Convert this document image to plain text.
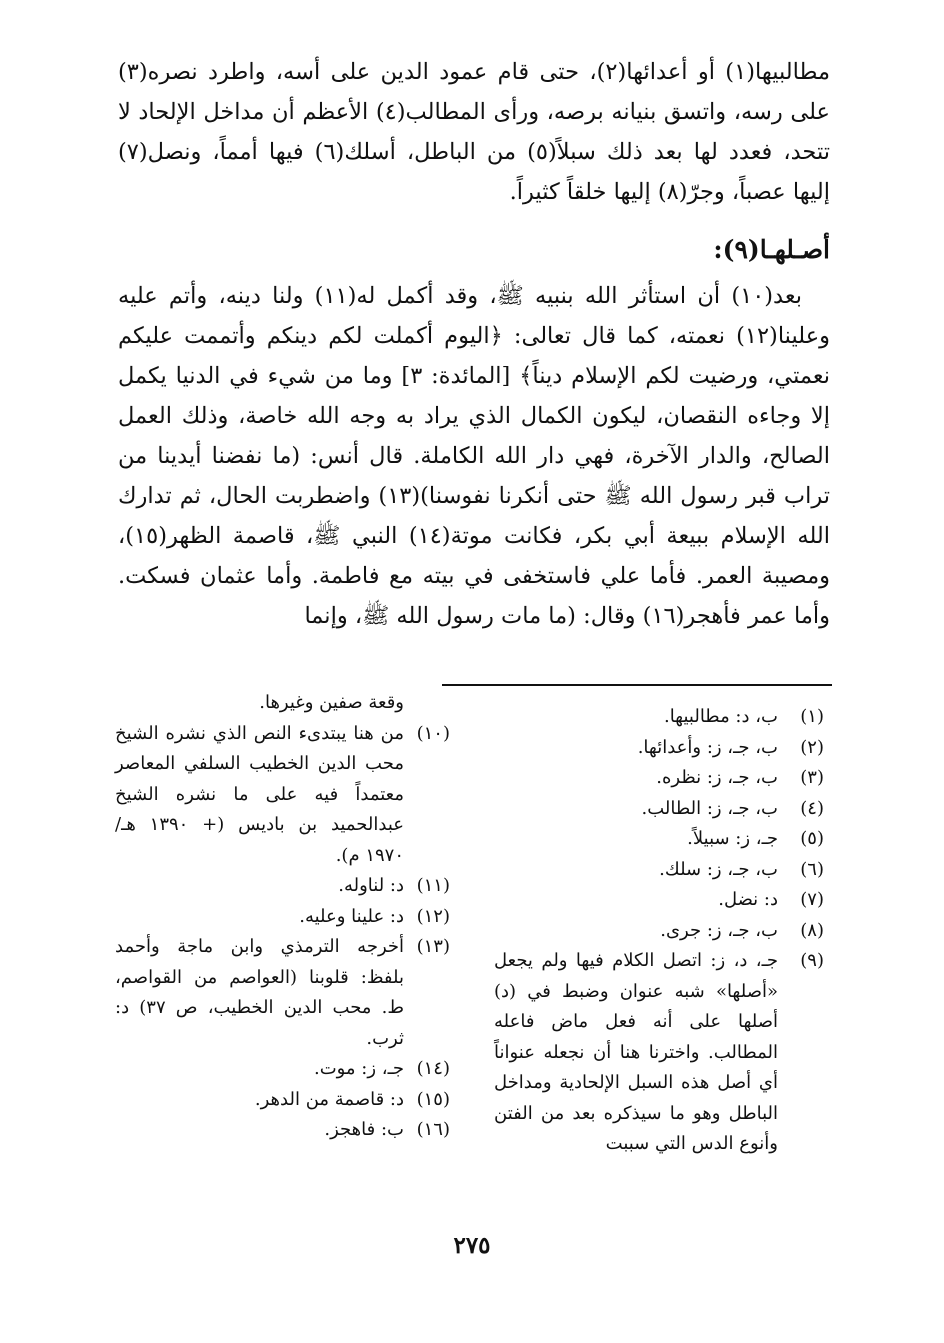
مطالبيها(١) أو أعدائها(٢)، حتى قام عمود الدين على أسه، واطرد نصره(٣) على رسه، واتسق بنيانه برصه، ورأى المطالب(٤) الأعظم أن مداخل الإلحاد لا تتحد، فعدد لها بعد ذلك سبلاً(٥) من الباطل، أسلك(٦) فيها أمماً، ونصل(٧) إليها عصباً، وجرّ(٨) إليها خلقاً كثيراً.

أصـلهـا(٩):

بعد(١٠) أن استأثر الله بنبيه ﷺ، وقد أكمل له(١١) ولنا دينه، وأتم عليه وعلينا(١٢) نعمته، كما قال تعالى: ﴿اليوم أكملت لكم دينكم وأتممت عليكم نعمتي، ورضيت لكم الإسلام ديناً﴾ [المائدة: ٣] وما من شيء في الدنيا يكمل إلا وجاءه النقصان، ليكون الكمال الذي يراد به وجه الله خاصة، وذلك العمل الصالح، والدار الآخرة، فهي دار الله الكاملة. قال أنس: (ما نفضنا أيدينا من تراب قبر رسول الله ﷺ حتى أنكرنا نفوسنا)(١٣) واضطربت الحال، ثم تدارك الله الإسلام ببيعة أبي بكر، فكانت موتة(١٤) النبي ﷺ، قاصمة الظهر(١٥)، ومصيبة العمر. فأما علي فاستخفى في بيته مع فاطمة. وأما عثمان فسكت. وأما عمر فأهجر(١٦) وقال: (ما مات رسول الله ﷺ، وإنما

(١)
ب، د: مطالبيها.
(٢)
ب، جـ، ز: وأعدائها.
(٣)
ب، جـ، ز: نظره.
(٤)
ب، جـ، ز: الطالب.
(٥)
جـ، ز: سبيلاً.
(٦)
ب، جـ، ز: سلك.
(٧)
د: نضل.
(٨)
ب، جـ، ز: جرى.
(٩)
جـ، د، ز: اتصل الكلام فيها ولم يجعل «أصلها» شبه عنوان وضبط في (د) أصلها على أنه فعل ماض فاعله المطالب. واخترنا هنا أن نجعله عنواناً أي أصل هذه السبل الإلحادية ومداخل الباطل وهو ما سيذكره بعد من الفتن وأنوع الدس التي سببت
وقعة صفين وغيرها.
(١٠)
من هنا يبتدىء النص الذي نشره الشيخ محب الدين الخطيب السلفي المعاصر معتمداً فيه على ما نشره الشيخ عبدالحميد بن باديس (+ ١٣٩٠ هـ/ ١٩٧٠ م).
(١١)
د: لناوله.
(١٢)
د: علينا وعليه.
(١٣)
أخرجه الترمذي وابن ماجة وأحمد بلفظ: قلوبنا (العواصم من القواصم، ط. محب الدين الخطيب، ص ٣٧) د: ثرب.
(١٤)
جـ، ز: موت.
(١٥)
د: قاصمة من الدهر.
(١٦)
ب: فاهجز.
٢٧٥
